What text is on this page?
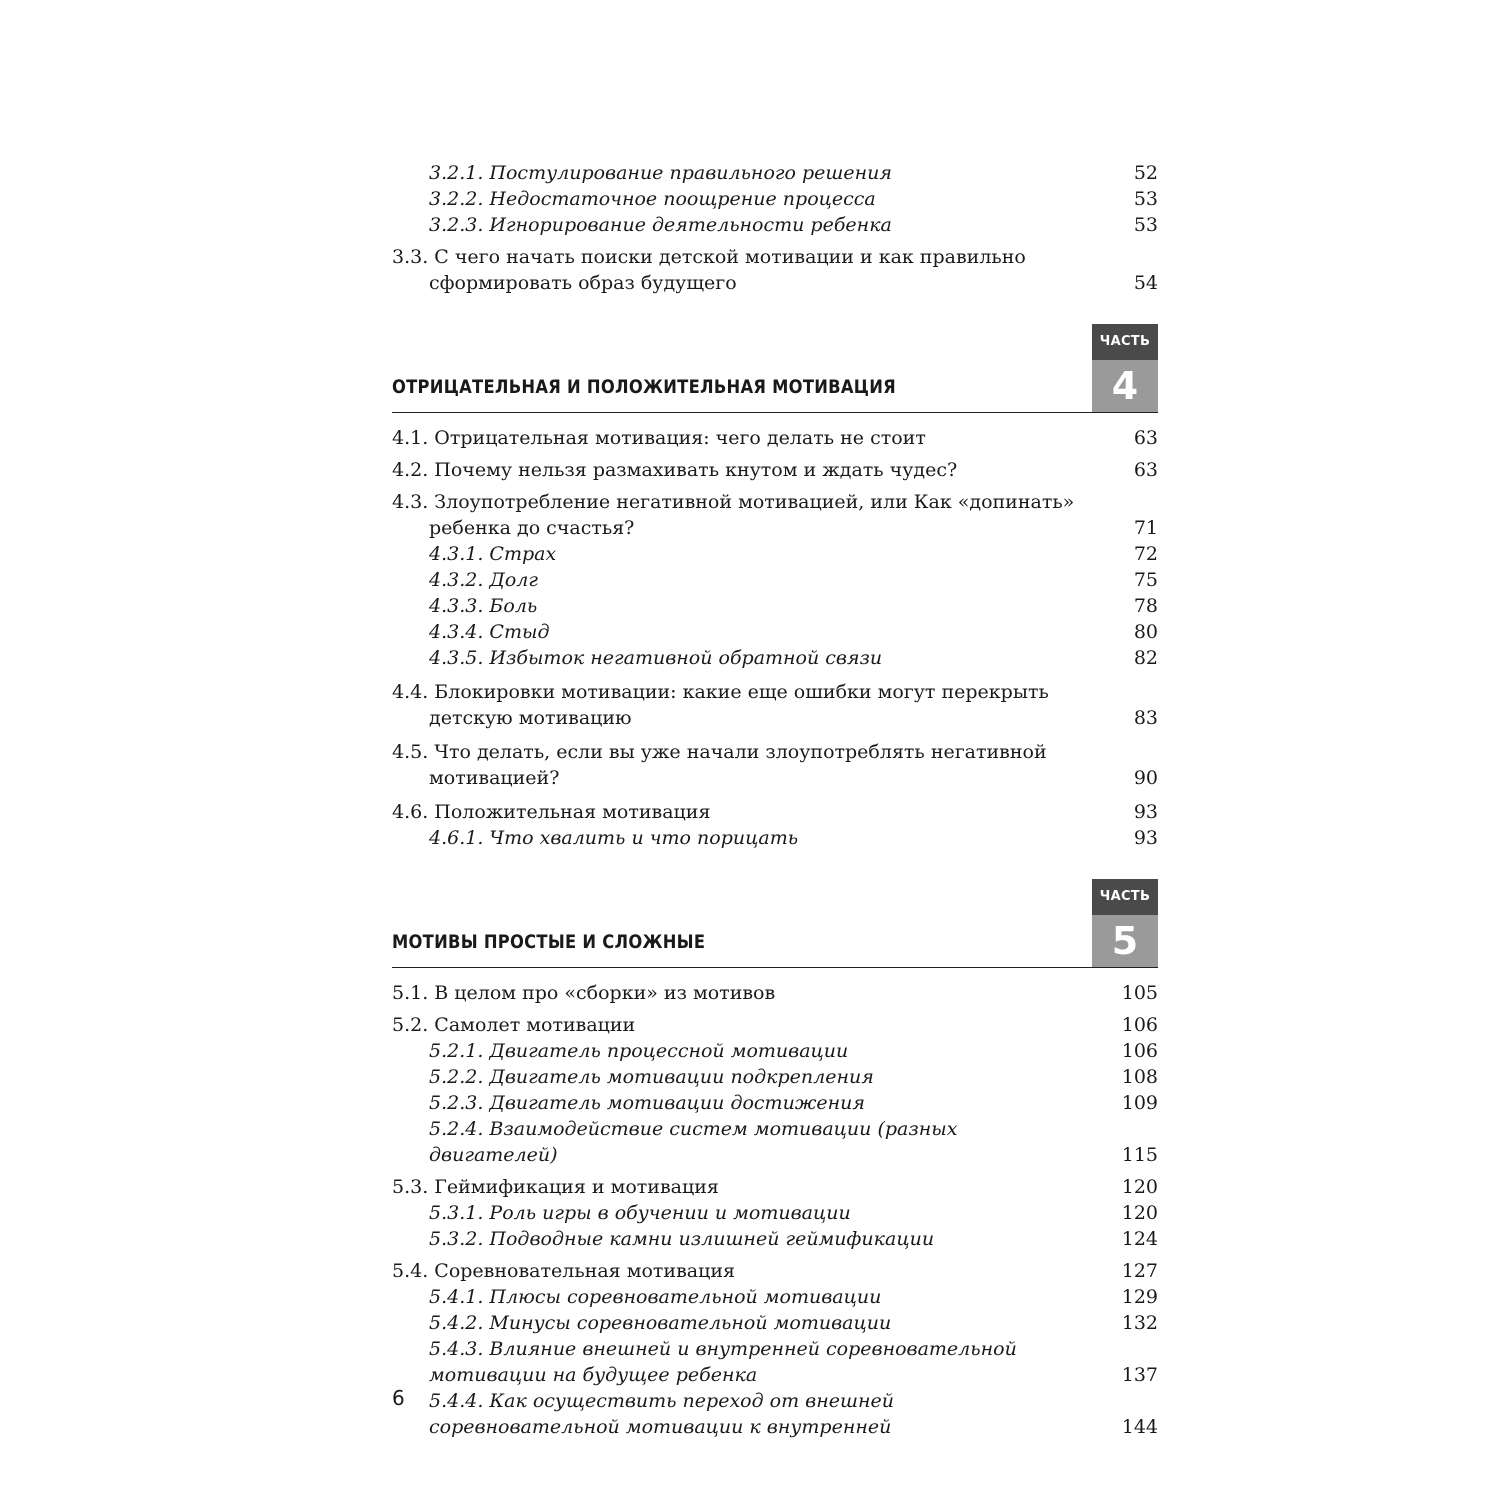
3.2.1. Постулирование правильного решения	52
3.2.2. Недостаточное поощрение процесса	53
3.2.3. Игнорирование деятельности ребенка	53
3.3. С чего начать поиски детской мотивации и как правильно сформировать образ будущего	54
ОТРИЦАТЕЛЬНАЯ И ПОЛОЖИТЕЛЬНАЯ МОТИВАЦИЯ
ЧАСТЬ
4
4.1. Отрицательная мотивация: чего делать не стоит	63
4.2. Почему нельзя размахивать кнутом и ждать чудес?	63
4.3. Злоупотребление негативной мотивацией, или Как «допинать» ребенка до счастья?	71
4.3.1. Страх	72
4.3.2. Долг	75
4.3.3. Боль	78
4.3.4. Стыд	80
4.3.5. Избыток негативной обратной связи	82
4.4. Блокировки мотивации: какие еще ошибки могут перекрыть детскую мотивацию	83
4.5. Что делать, если вы уже начали злоупотреблять негативной мотивацией?	90
4.6. Положительная мотивация	93
4.6.1. Что хвалить и что порицать	93
МОТИВЫ ПРОСТЫЕ И СЛОЖНЫЕ
ЧАСТЬ
5
5.1. В целом про «сборки» из мотивов	105
5.2. Самолет мотивации	106
5.2.1. Двигатель процессной мотивации	106
5.2.2. Двигатель мотивации подкрепления	108
5.2.3. Двигатель мотивации достижения	109
5.2.4. Взаимодействие систем мотивации (разных двигателей)	115
5.3. Геймификация и мотивация	120
5.3.1. Роль игры в обучении и мотивации	120
5.3.2. Подводные камни излишней геймификации	124
5.4. Соревновательная мотивация	127
5.4.1. Плюсы соревновательной мотивации	129
5.4.2. Минусы соревновательной мотивации	132
5.4.3. Влияние внешней и внутренней соревновательной мотивации на будущее ребенка	137
5.4.4. Как осуществить переход от внешней соревновательной мотивации к внутренней	144
6
